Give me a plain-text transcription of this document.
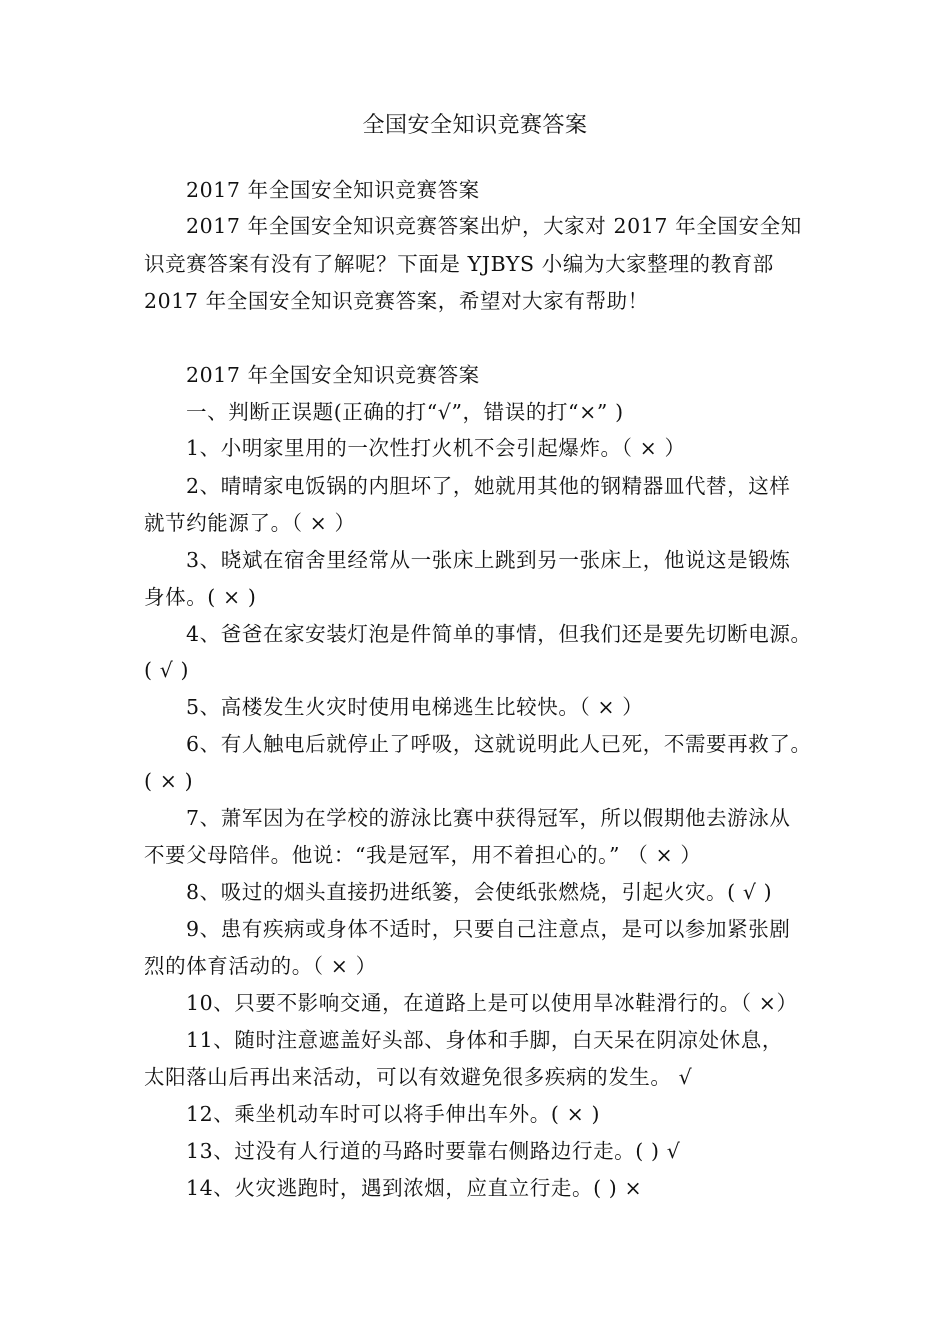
全国安全知识竞赛答案
2017 年全国安全知识竞赛答案
2017 年全国安全知识竞赛答案出炉，大家对 2017 年全国安全知
识竞赛答案有没有了解呢？下面是 YJBYS 小编为大家整理的教育部
2017 年全国安全知识竞赛答案，希望对大家有帮助！
2017 年全国安全知识竞赛答案
一、判断正误题(正确的打“√”，错误的打“×” )
1、小明家里用的一次性打火机不会引起爆炸。（ × ）
2、晴晴家电饭锅的内胆坏了，她就用其他的钢精器皿代替，这样
就节约能源了。（ × ）
3、晓斌在宿舍里经常从一张床上跳到另一张床上，他说这是锻炼
身体。( × )
4、爸爸在家安装灯泡是件简单的事情，但我们还是要先切断电源。
( √ )
5、高楼发生火灾时使用电梯逃生比较快。（ × ）
6、有人触电后就停止了呼吸，这就说明此人已死，不需要再救了。
( × )
7、萧军因为在学校的游泳比赛中获得冠军，所以假期他去游泳从
不要父母陪伴。他说：“我是冠军，用不着担心的。” （ × ）
8、吸过的烟头直接扔进纸篓，会使纸张燃烧，引起火灾。( √ )
9、患有疾病或身体不适时，只要自己注意点，是可以参加紧张剧
烈的体育活动的。（ × ）
10、只要不影响交通，在道路上是可以使用旱冰鞋滑行的。（ ×）
11、随时注意遮盖好头部、身体和手脚，白天呆在阴凉处休息，
太阳落山后再出来活动，可以有效避免很多疾病的发生。 √
12、乘坐机动车时可以将手伸出车外。( × )
13、过没有人行道的马路时要靠右侧路边行走。( ) √
14、火灾逃跑时，遇到浓烟，应直立行走。( ) ×
